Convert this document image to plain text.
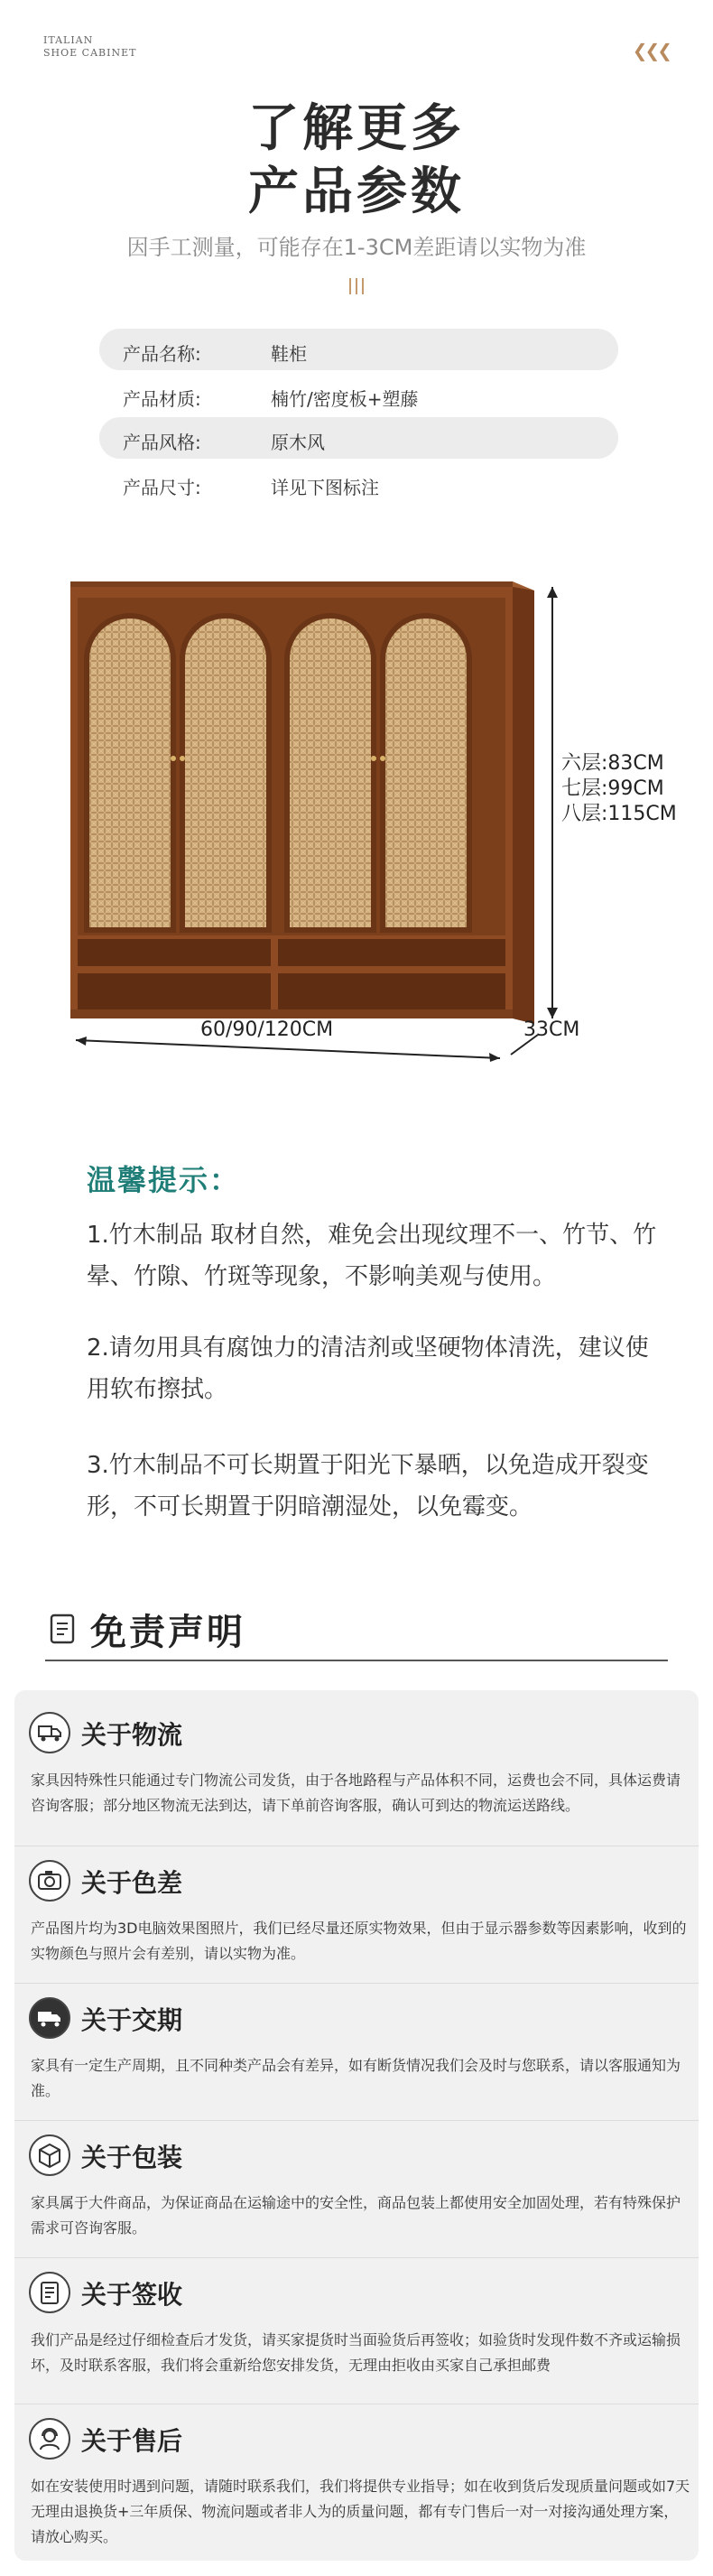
ITALIAN
SHOE CABINET	❮❮❮
了解更多
产品参数
因手工测量，可能存在1-3CM差距请以实物为准
产品名称:	鞋柜
产品材质:	楠竹/密度板+塑藤
产品风格:	原木风
产品尺寸:	详见下图标注
六层:83CM
七层:99CM
八层:115CM
60/90/120CM	33CM
温馨提示：
1.竹木制品 取材自然，难免会出现纹理不一、竹节、竹晕、竹隙、竹斑等现象，不影响美观与使用。
2.请勿用具有腐蚀力的清洁剂或坚硬物体清洗，建议使用软布擦拭。
3.竹木制品不可长期置于阳光下暴晒，以免造成开裂变形，不可长期置于阴暗潮湿处，以免霉变。
免责声明
关于物流
家具因特殊性只能通过专门物流公司发货，由于各地路程与产品体积不同，运费也会不同，具体运费请咨询客服；部分地区物流无法到达，请下单前咨询客服，确认可到达的物流运送路线。
关于色差
产品图片均为3D电脑效果图照片，我们已经尽量还原实物效果，但由于显示器参数等因素影响，收到的实物颜色与照片会有差别，请以实物为准。
关于交期
家具有一定生产周期，且不同种类产品会有差异，如有断货情况我们会及时与您联系，请以客服通知为准。
关于包装
家具属于大件商品，为保证商品在运输途中的安全性，商品包装上都使用安全加固处理，若有特殊保护需求可咨询客服。
关于签收
我们产品是经过仔细检查后才发货，请买家提货时当面验货后再签收；如验货时发现件数不齐或运输损坏，及时联系客服，我们将会重新给您安排发货，无理由拒收由买家自己承担邮费
关于售后
如在安装使用时遇到问题，请随时联系我们，我们将提供专业指导；如在收到货后发现质量问题或如7天无理由退换货+三年质保、物流问题或者非人为的质量问题，都有专门售后一对一对接沟通处理方案，请放心购买。
